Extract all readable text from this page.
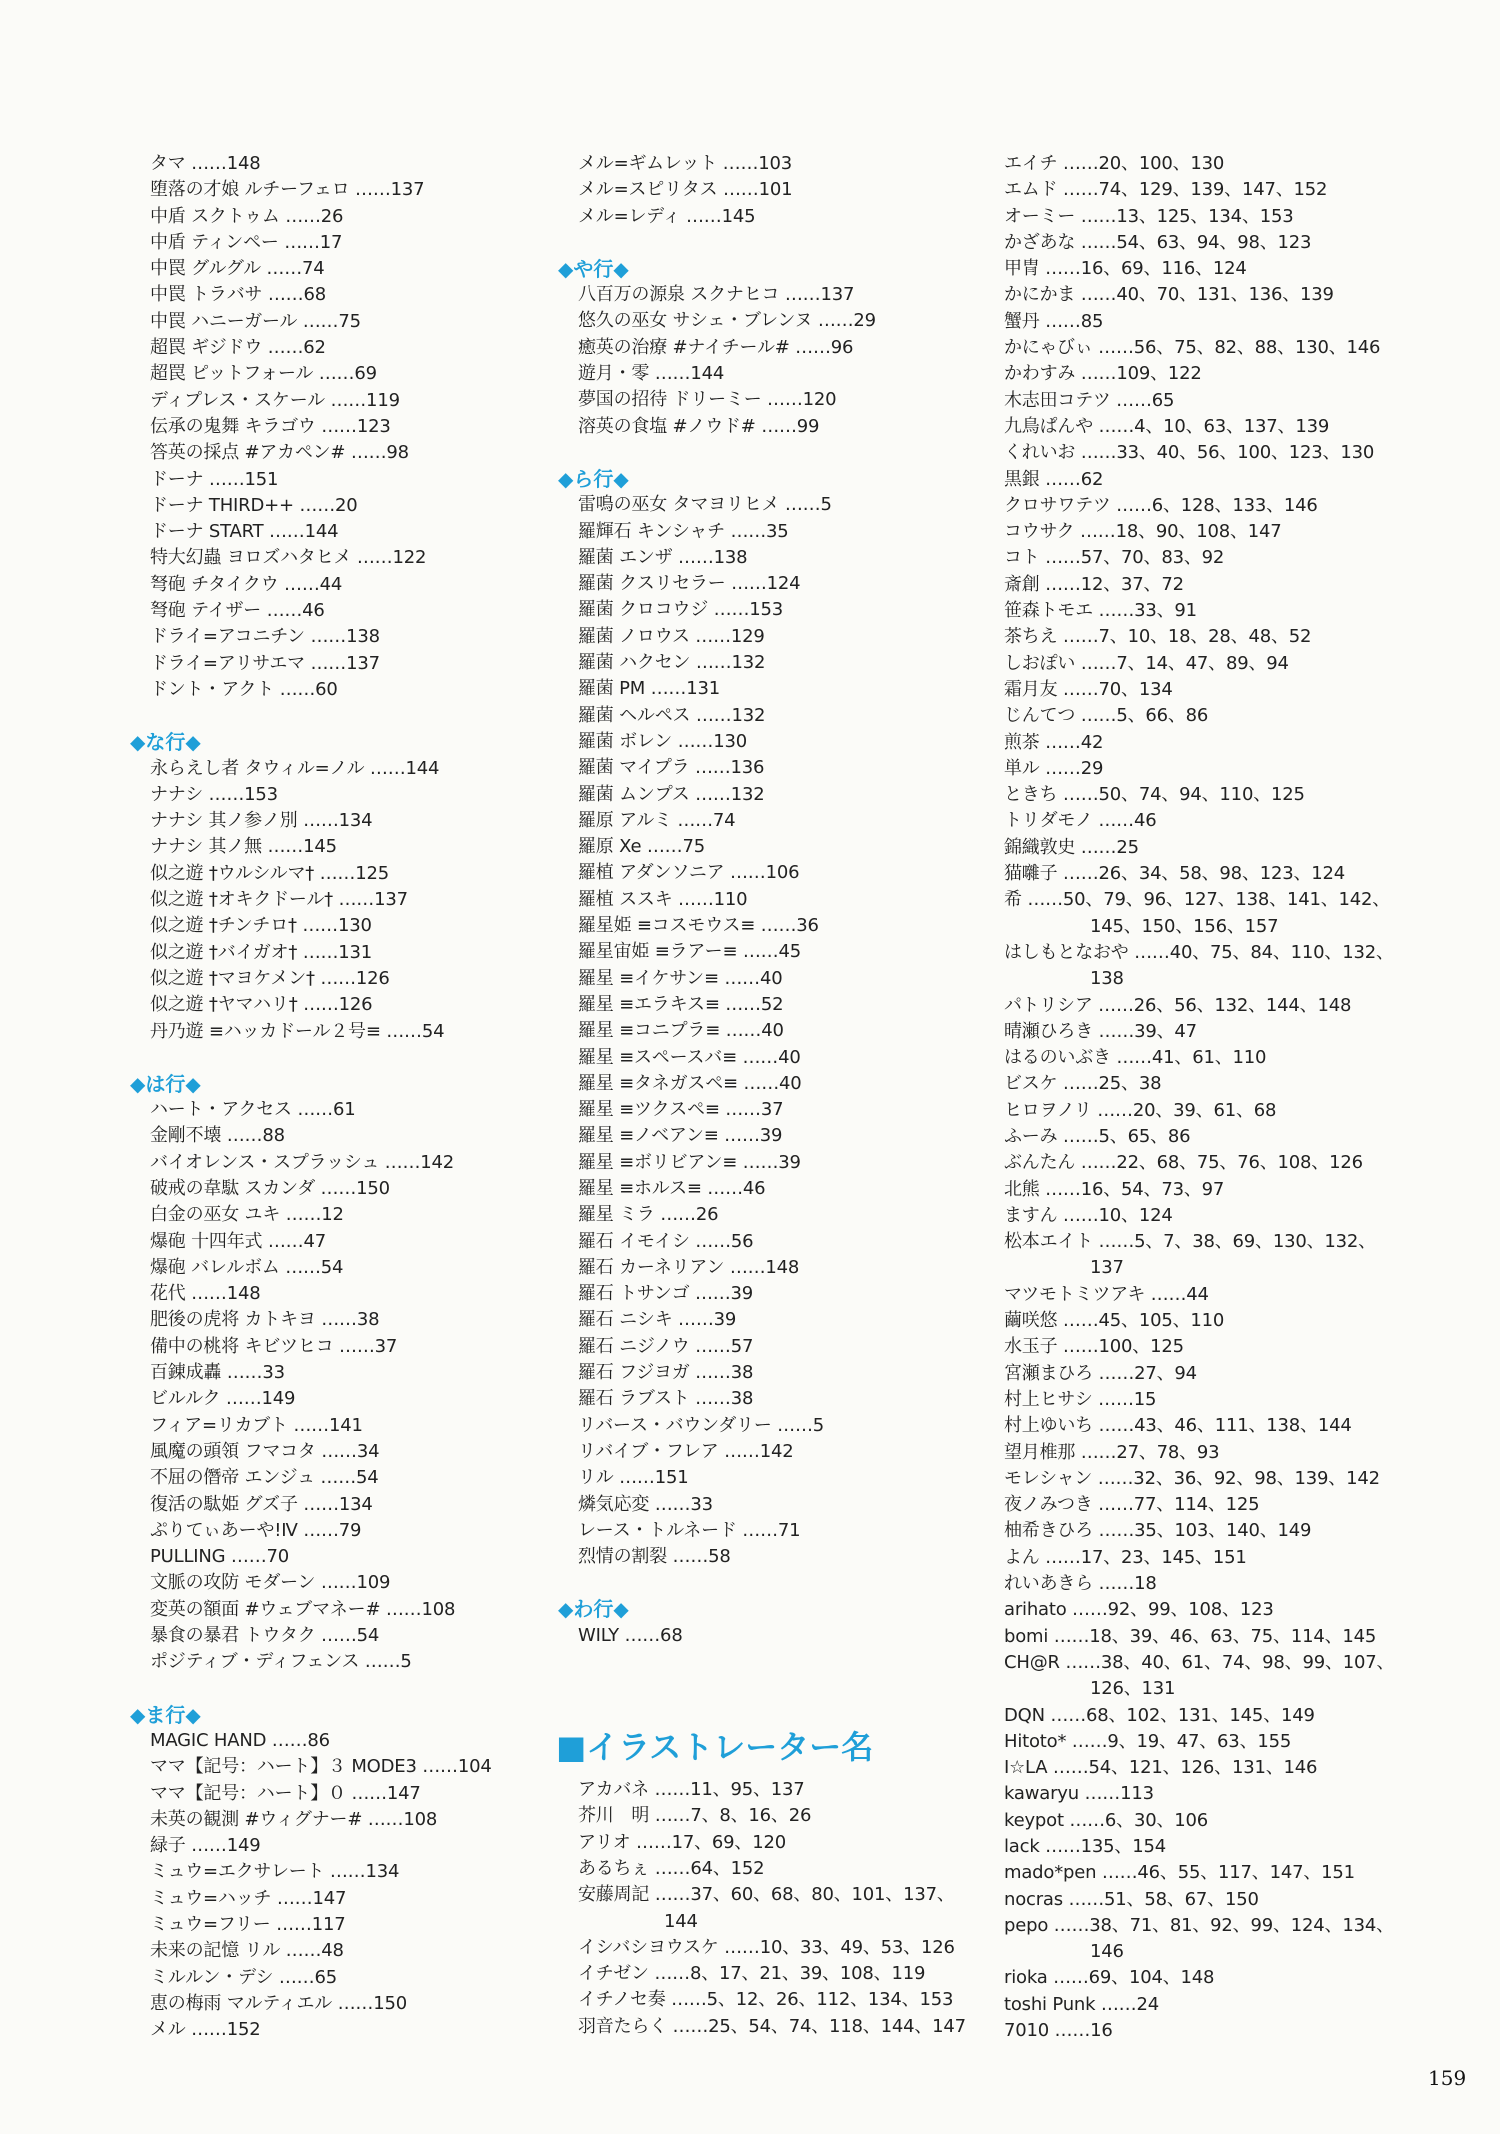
タマ ……148
堕落の才娘 ルチーフェロ ……137
中盾 スクトゥム ……26
中盾 ティンペー ……17
中罠 グルグル ……74
中罠 トラバサ ……68
中罠 ハニーガール ……75
超罠 ギジドウ ……62
超罠 ピットフォール ……69
ディプレス・スケール ……119
伝承の鬼舞 キラゴウ ……123
答英の採点 #アカペン# ……98
ドーナ ……151
ドーナ THIRD++ ……20
ドーナ START ……144
特大幻蟲 ヨロズハタヒメ ……122
弩砲 チタイクウ ……44
弩砲 テイザー ……46
ドライ=アコニチン ……138
ドライ=アリサエマ ……137
ドント・アクト ……60
◆な行◆
永らえし者 タウィル=ノル ……144
ナナシ ……153
ナナシ 其ノ参ノ別 ……134
ナナシ 其ノ無 ……145
似之遊 †ウルシルマ† ……125
似之遊 †オキクドール† ……137
似之遊 †チンチロ† ……130
似之遊 †バイガオ† ……131
似之遊 †マヨケメン† ……126
似之遊 †ヤマハリ† ……126
丹乃遊 ≡ハッカドール２号≡ ……54
◆は行◆
ハート・アクセス ……61
金剛不壊 ……88
バイオレンス・スプラッシュ ……142
破戒の韋駄 スカンダ ……150
白金の巫女 ユキ ……12
爆砲 十四年式 ……47
爆砲 バレルボム ……54
花代 ……148
肥後の虎将 カトキヨ ……38
備中の桃将 キビツヒコ ……37
百錬成轟 ……33
ビルルク ……149
フィア=リカブト ……141
風魔の頭領 フマコタ ……34
不屈の僭帝 エンジュ ……54
復活の駄姫 グズ子 ……134
ぷりてぃあーや!Ⅳ ……79
PULLING ……70
文脈の攻防 モダーン ……109
変英の額面 #ウェブマネー# ……108
暴食の暴君 トウタク ……54
ポジティブ・ディフェンス ……5
◆ま行◆
MAGIC HAND ……86
ママ【記号：ハート】３ MODE3 ……104
ママ【記号：ハート】０ ……147
未英の観測 #ウィグナー# ……108
緑子 ……149
ミュウ=エクサレート ……134
ミュウ=ハッチ ……147
ミュウ=フリー ……117
未来の記憶 リル ……48
ミルルン・デシ ……65
恵の梅雨 マルティエル ……150
メル ……152
メル=ギムレット ……103
メル=スピリタス ……101
メル=レディ ……145
◆や行◆
八百万の源泉 スクナヒコ ……137
悠久の巫女 サシェ・ブレンヌ ……29
癒英の治療 #ナイチール# ……96
遊月・零 ……144
夢国の招待 ドリーミー ……120
溶英の食塩 #ノウド# ……99
◆ら行◆
雷鳴の巫女 タマヨリヒメ ……5
羅輝石 キンシャチ ……35
羅菌 エンザ ……138
羅菌 クスリセラー ……124
羅菌 クロコウジ ……153
羅菌 ノロウス ……129
羅菌 ハクセン ……132
羅菌 PM ……131
羅菌 ヘルペス ……132
羅菌 ボレン ……130
羅菌 マイプラ ……136
羅菌 ムンプス ……132
羅原 アルミ ……74
羅原 Xe ……75
羅植 アダンソニア ……106
羅植 ススキ ……110
羅星姫 ≡コスモウス≡ ……36
羅星宙姫 ≡ラアー≡ ……45
羅星 ≡イケサン≡ ……40
羅星 ≡エラキス≡ ……52
羅星 ≡コニプラ≡ ……40
羅星 ≡スペースバ≡ ……40
羅星 ≡タネガスペ≡ ……40
羅星 ≡ツクスペ≡ ……37
羅星 ≡ノベアン≡ ……39
羅星 ≡ボリビアン≡ ……39
羅星 ≡ホルス≡ ……46
羅星 ミラ ……26
羅石 イモイシ ……56
羅石 カーネリアン ……148
羅石 トサンゴ ……39
羅石 ニシキ ……39
羅石 ニジノウ ……57
羅石 フジヨガ ……38
羅石 ラブスト ……38
リバース・バウンダリー ……5
リバイブ・フレア ……142
リル ……151
燐気応変 ……33
レース・トルネード ……71
烈情の割裂 ……58
◆わ行◆
WILY ……68
■イラストレーター名
アカバネ ……11、95、137
芥川　明 ……7、8、16、26
アリオ ……17、69、120
あるちぇ ……64、152
安藤周記 ……37、60、68、80、101、137、
144
イシバシヨウスケ ……10、33、49、53、126
イチゼン ……8、17、21、39、108、119
イチノセ奏 ……5、12、26、112、134、153
羽音たらく ……25、54、74、118、144、147
エイチ ……20、100、130
エムド ……74、129、139、147、152
オーミー ……13、125、134、153
かざあな ……54、63、94、98、123
甲冑 ……16、69、116、124
かにかま ……40、70、131、136、139
蟹丹 ……85
かにゃびぃ ……56、75、82、88、130、146
かわすみ ……109、122
木志田コテツ ……65
九鳥ぱんや ……4、10、63、137、139
くれいお ……33、40、56、100、123、130
黒銀 ……62
クロサワテツ ……6、128、133、146
コウサク ……18、90、108、147
コト ……57、70、83、92
斎創 ……12、37、72
笹森トモエ ……33、91
茶ちえ ……7、10、18、28、48、52
しおぽい ……7、14、47、89、94
霜月友 ……70、134
じんてつ ……5、66、86
煎茶 ……42
単ル ……29
ときち ……50、74、94、110、125
トリダモノ ……46
錦織敦史 ……25
猫囃子 ……26、34、58、98、123、124
希 ……50、79、96、127、138、141、142、
145、150、156、157
はしもとなおや ……40、75、84、110、132、
138
パトリシア ……26、56、132、144、148
晴瀬ひろき ……39、47
はるのいぶき ……41、61、110
ビスケ ……25、38
ヒロヲノリ ……20、39、61、68
ふーみ ……5、65、86
ぶんたん ……22、68、75、76、108、126
北熊 ……16、54、73、97
ますん ……10、124
松本エイト ……5、7、38、69、130、132、
137
マツモトミツアキ ……44
繭咲悠 ……45、105、110
水玉子 ……100、125
宮瀬まひろ ……27、94
村上ヒサシ ……15
村上ゆいち ……43、46、111、138、144
望月椎那 ……27、78、93
モレシャン ……32、36、92、98、139、142
夜ノみつき ……77、114、125
柚希きひろ ……35、103、140、149
よん ……17、23、145、151
れいあきら ……18
arihato ……92、99、108、123
bomi ……18、39、46、63、75、114、145
CH@R ……38、40、61、74、98、99、107、
126、131
DQN ……68、102、131、145、149
Hitoto* ……9、19、47、63、155
I☆LA ……54、121、126、131、146
kawaryu ……113
keypot ……6、30、106
lack ……135、154
mado*pen ……46、55、117、147、151
nocras ……51、58、67、150
pepo ……38、71、81、92、99、124、134、
146
rioka ……69、104、148
toshi Punk ……24
7010 ……16
159
